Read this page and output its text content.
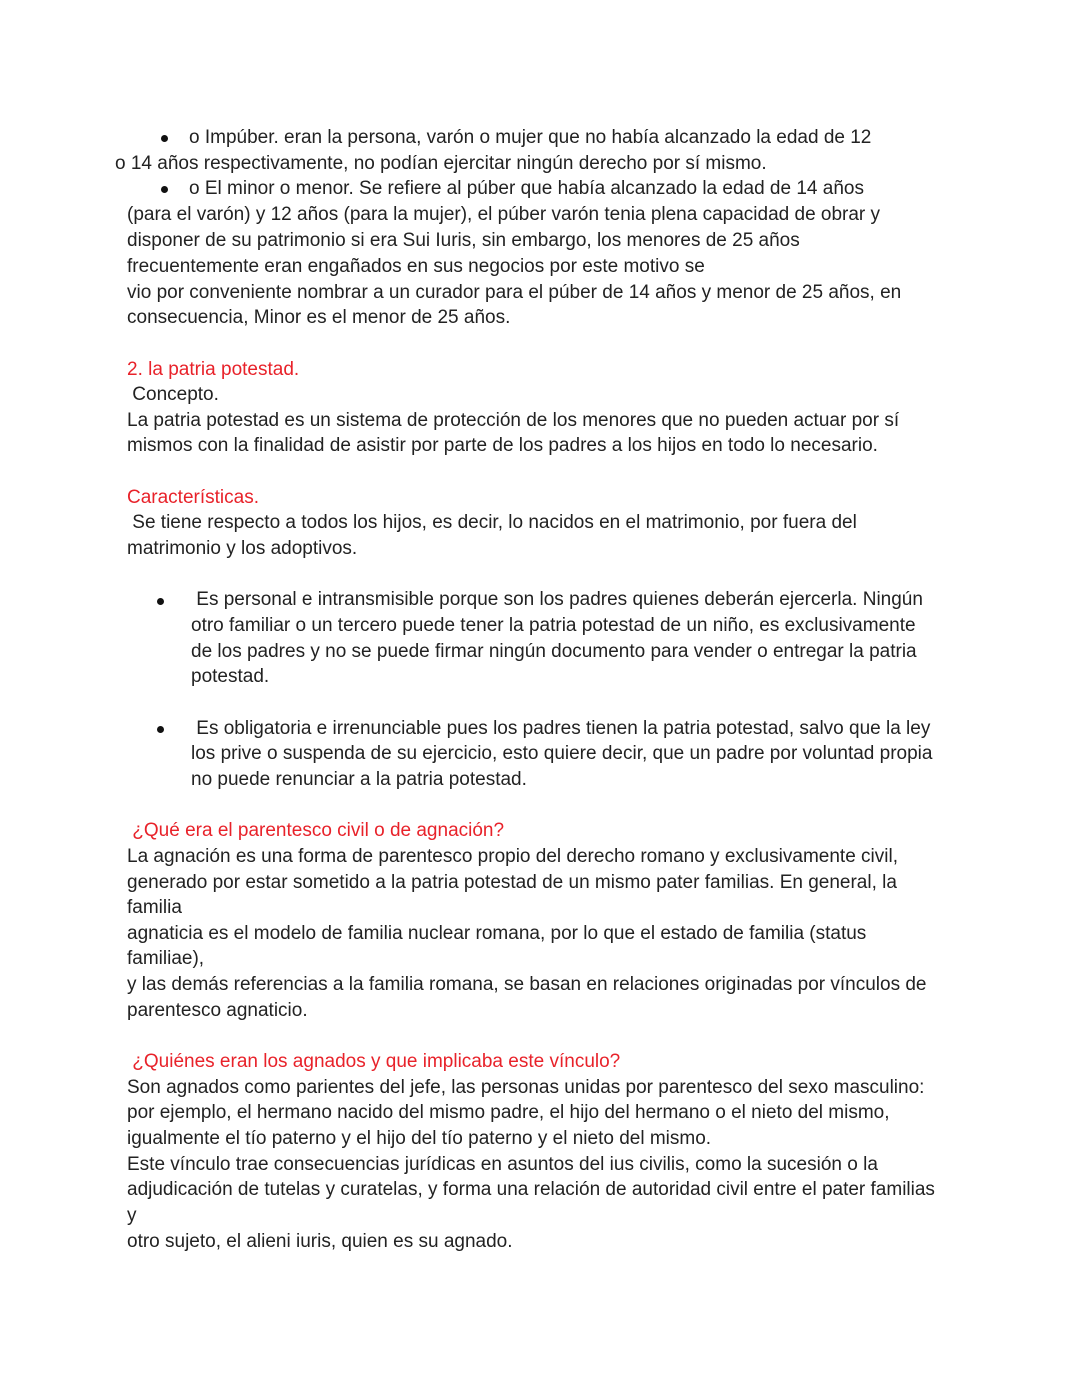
o Impúber. eran la persona, varón o mujer que no había alcanzado la edad de 12
o 14 años respectivamente, no podían ejercitar ningún derecho por sí mismo.
o El minor o menor. Se refiere al púber que había alcanzado la edad de 14 años
(para el varón) y 12 años (para la mujer), el púber varón tenia plena capacidad de obrar y
disponer de su patrimonio si era Sui Iuris, sin embargo, los menores de 25 años
frecuentemente eran engañados en sus negocios por este motivo se
vio por conveniente nombrar a un curador para el púber de 14 años y menor de 25 años, en
consecuencia, Minor es el menor de 25 años.
2. la patria potestad.
Concepto.
La patria potestad es un sistema de protección de los menores que no pueden actuar por sí
mismos con la finalidad de asistir por parte de los padres a los hijos en todo lo necesario.
Características.
Se tiene respecto a todos los hijos, es decir, lo nacidos en el matrimonio, por fuera del
matrimonio y los adoptivos.
Es personal e intransmisible porque son los padres quienes deberán ejercerla. Ningún
otro familiar o un tercero puede tener la patria potestad de un niño, es exclusivamente
de los padres y no se puede firmar ningún documento para vender o entregar la patria
potestad.
Es obligatoria e irrenunciable pues los padres tienen la patria potestad, salvo que la ley
los prive o suspenda de su ejercicio, esto quiere decir, que un padre por voluntad propia
no puede renunciar a la patria potestad.
¿Qué era el parentesco civil o de agnación?
La agnación es una forma de parentesco propio del derecho romano y exclusivamente civil,
generado por estar sometido a la patria potestad de un mismo pater familias. En general, la
familia
agnaticia es el modelo de familia nuclear romana, por lo que el estado de familia (status
familiae),
y las demás referencias a la familia romana, se basan en relaciones originadas por vínculos de
parentesco agnaticio.
¿Quiénes eran los agnados y que implicaba este vínculo?
Son agnados como parientes del jefe, las personas unidas por parentesco del sexo masculino:
por ejemplo, el hermano nacido del mismo padre, el hijo del hermano o el nieto del mismo,
igualmente el tío paterno y el hijo del tío paterno y el nieto del mismo.
Este vínculo trae consecuencias jurídicas en asuntos del ius civilis, como la sucesión o la
adjudicación de tutelas y curatelas, y forma una relación de autoridad civil entre el pater familias
y
otro sujeto, el alieni iuris, quien es su agnado.
